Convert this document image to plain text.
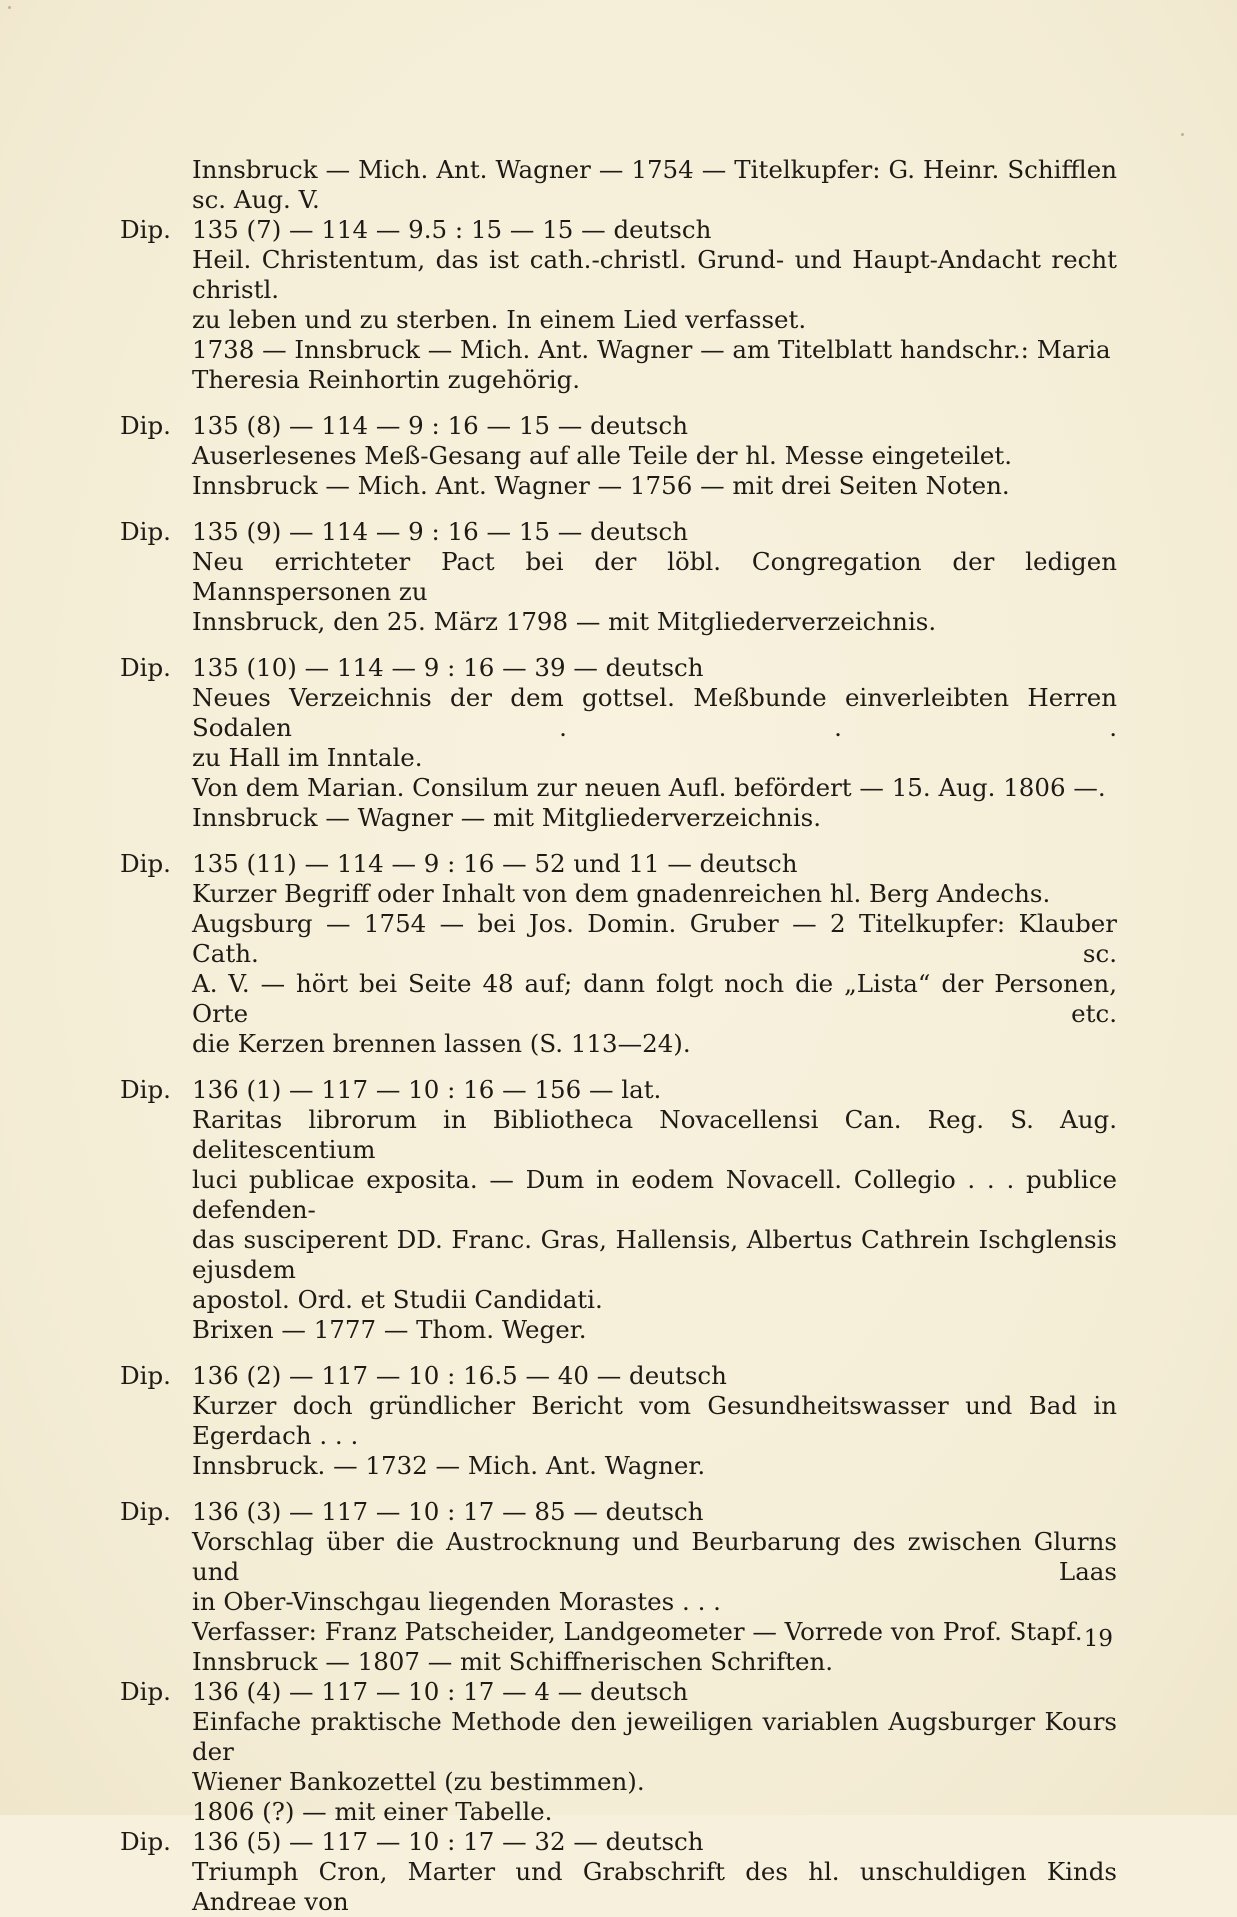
Innsbruck — Mich. Ant. Wagner — 1754 — Titelkupfer: G. Heinr. Schifflen
sc. Aug. V.
Dip. 135 (7) — 114 — 9.5 : 15 — 15 — deutsch
Heil. Christentum, das ist cath.-christl. Grund- und Haupt-Andacht recht christl.
zu leben und zu sterben. In einem Lied verfasset.
1738 — Innsbruck — Mich. Ant. Wagner — am Titelblatt handschr.: Maria
Theresia Reinhortin zugehörig.
Dip. 135 (8) — 114 — 9 : 16 — 15 — deutsch
Auserlesenes Meß-Gesang auf alle Teile der hl. Messe eingeteilet.
Innsbruck — Mich. Ant. Wagner — 1756 — mit drei Seiten Noten.
Dip. 135 (9) — 114 — 9 : 16 — 15 — deutsch
Neu errichteter Pact bei der löbl. Congregation der ledigen Mannspersonen zu
Innsbruck, den 25. März 1798 — mit Mitgliederverzeichnis.
Dip. 135 (10) — 114 — 9 : 16 — 39 — deutsch
Neues Verzeichnis der dem gottsel. Meßbunde einverleibten Herren Sodalen . . .
zu Hall im Inntale.
Von dem Marian. Consilum zur neuen Aufl. befördert — 15. Aug. 1806 —.
Innsbruck — Wagner — mit Mitgliederverzeichnis.
Dip. 135 (11) — 114 — 9 : 16 — 52 und 11 — deutsch
Kurzer Begriff oder Inhalt von dem gnadenreichen hl. Berg Andechs.
Augsburg — 1754 — bei Jos. Domin. Gruber — 2 Titelkupfer: Klauber Cath. sc.
A. V. — hört bei Seite 48 auf; dann folgt noch die „Lista“ der Personen, Orte etc.
die Kerzen brennen lassen (S. 113—24).
Dip. 136 (1) — 117 — 10 : 16 — 156 — lat.
Raritas librorum in Bibliotheca Novacellensi Can. Reg. S. Aug. delitescentium
luci publicae exposita. — Dum in eodem Novacell. Collegio . . . publice defenden-
das susciperent DD. Franc. Gras, Hallensis, Albertus Cathrein Ischglensis ejusdem
apostol. Ord. et Studii Candidati.
Brixen — 1777 — Thom. Weger.
Dip. 136 (2) — 117 — 10 : 16.5 — 40 — deutsch
Kurzer doch gründlicher Bericht vom Gesundheitswasser und Bad in Egerdach . . .
Innsbruck. — 1732 — Mich. Ant. Wagner.
Dip. 136 (3) — 117 — 10 : 17 — 85 — deutsch
Vorschlag über die Austrocknung und Beurbarung des zwischen Glurns und Laas
in Ober-Vinschgau liegenden Morastes . . .
Verfasser: Franz Patscheider, Landgeometer — Vorrede von Prof. Stapf.
Innsbruck — 1807 — mit Schiffnerischen Schriften.
Dip. 136 (4) — 117 — 10 : 17 — 4 — deutsch
Einfache praktische Methode den jeweiligen variablen Augsburger Kours der
Wiener Bankozettel (zu bestimmen).
1806 (?) — mit einer Tabelle.
Dip. 136 (5) — 117 — 10 : 17 — 32 — deutsch
Triumph Cron, Marter und Grabschrift des hl. unschuldigen Kinds Andreae von
19
